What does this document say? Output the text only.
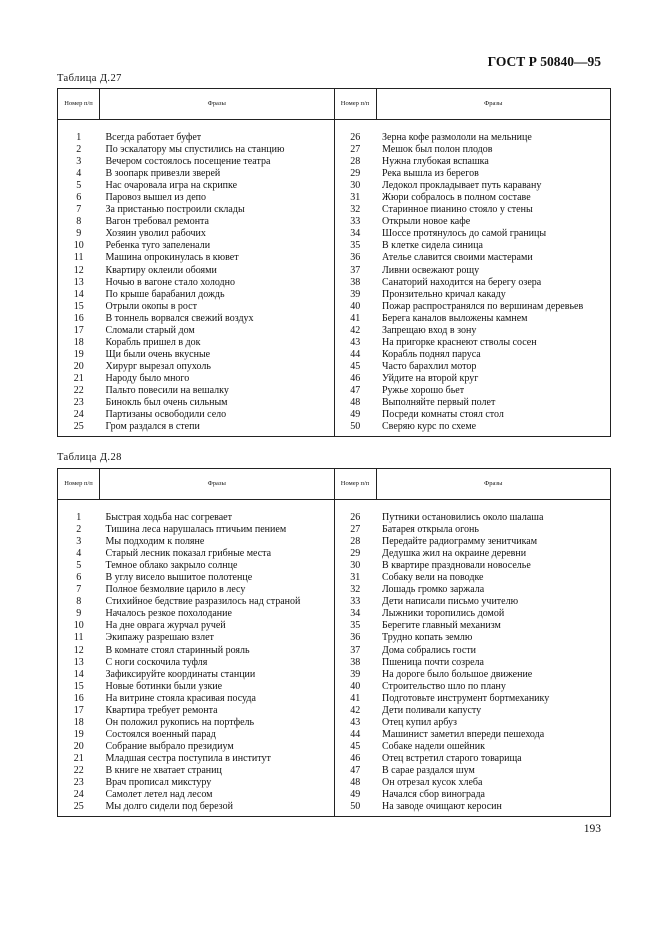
ГОСТ Р 50840—95
Таблица Д.27
Номер п/п	Фразы	Номер п/п	Фразы

1	Всегда работает буфет	26	Зерна кофе размололи на мельнице
2	По эскалатору мы спустились на станцию	27	Мешок был полон плодов
3	Вечером состоялось посещение театра	28	Нужна глубокая вспашка
4	В зоопарк привезли зверей	29	Река вышла из берегов
5	Нас очаровала игра на скрипке	30	Ледокол прокладывает путь каравану
6	Паровоз вышел из депо	31	Жюри собралось в полном составе
7	За пристанью построили склады	32	Старинное пианино стояло у стены
8	Вагон требовал ремонта	33	Открыли новое кафе
9	Хозяин уволил рабочих	34	Шоссе протянулось до самой границы
10	Ребенка туго запеленали	35	В клетке сидела синица
11	Машина опрокинулась в кювет	36	Ателье славится своими мастерами
12	Квартиру оклеили обоями	37	Ливни освежают рощу
13	Ночью в вагоне стало холодно	38	Санаторий находится на берегу озера
14	По крыше барабанил дождь	39	Пронзительно кричал какаду
15	Отрыли окопы в рост	40	Пожар распространялся по вершинам деревьев
16	В тоннель ворвался свежий воздух	41	Берега каналов выложены камнем
17	Сломали старый дом	42	Запрещаю вход в зону
18	Корабль пришел в док	43	На пригорке краснеют стволы сосен
19	Щи были очень вкусные	44	Корабль поднял паруса
20	Хирург вырезал опухоль	45	Часто барахлил мотор
21	Народу было много	46	Уйдите на второй круг
22	Пальто повесили на вешалку	47	Ружье хорошо бьет
23	Бинокль был очень сильным	48	Выполняйте первый полет
24	Партизаны освободили село	49	Посреди комнаты стоял стол
25	Гром раздался в степи	50	Сверяю курс по схеме
Таблица Д.28
Номер п/п	Фразы	Номер п/п	Фразы

1	Быстрая ходьба нас согревает	26	Путники остановились около шалаша
2	Тишина леса нарушалась птичьим пением	27	Батарея открыла огонь
3	Мы подходим к поляне	28	Передайте радиограмму зенитчикам
4	Старый лесник показал грибные места	29	Дедушка жил на окраине деревни
5	Темное облако закрыло солнце	30	В квартире праздновали новоселье
6	В углу висело вышитое полотенце	31	Собаку вели на поводке
7	Полное безмолвие царило в лесу	32	Лошадь громко заржала
8	Стихийное бедствие разразилось над страной	33	Дети написали письмо учителю
9	Началось резкое похолодание	34	Лыжники торопились домой
10	На дне оврага журчал ручей	35	Берегите главный механизм
11	Экипажу разрешаю взлет	36	Трудно копать землю
12	В комнате стоял старинный рояль	37	Дома собрались гости
13	С ноги соскочила туфля	38	Пшеница почти созрела
14	Зафиксируйте координаты станции	39	На дороге было большое движение
15	Новые ботинки были узкие	40	Строительство шло по плану
16	На витрине стояла красивая посуда	41	Подготовьте инструмент бортмеханику
17	Квартира требует ремонта	42	Дети поливали капусту
18	Он положил рукопись на портфель	43	Отец купил арбуз
19	Состоялся военный парад	44	Машинист заметил впереди пешехода
20	Собрание выбрало президиум	45	Собаке надели ошейник
21	Младшая сестра поступила в институт	46	Отец встретил старого товарища
22	В книге не хватает страниц	47	В сарае раздался шум
23	Врач прописал микстуру	48	Он отрезал кусок хлеба
24	Самолет летел над лесом	49	Начался сбор винограда
25	Мы долго сидели под березой	50	На заводе очищают керосин
193
